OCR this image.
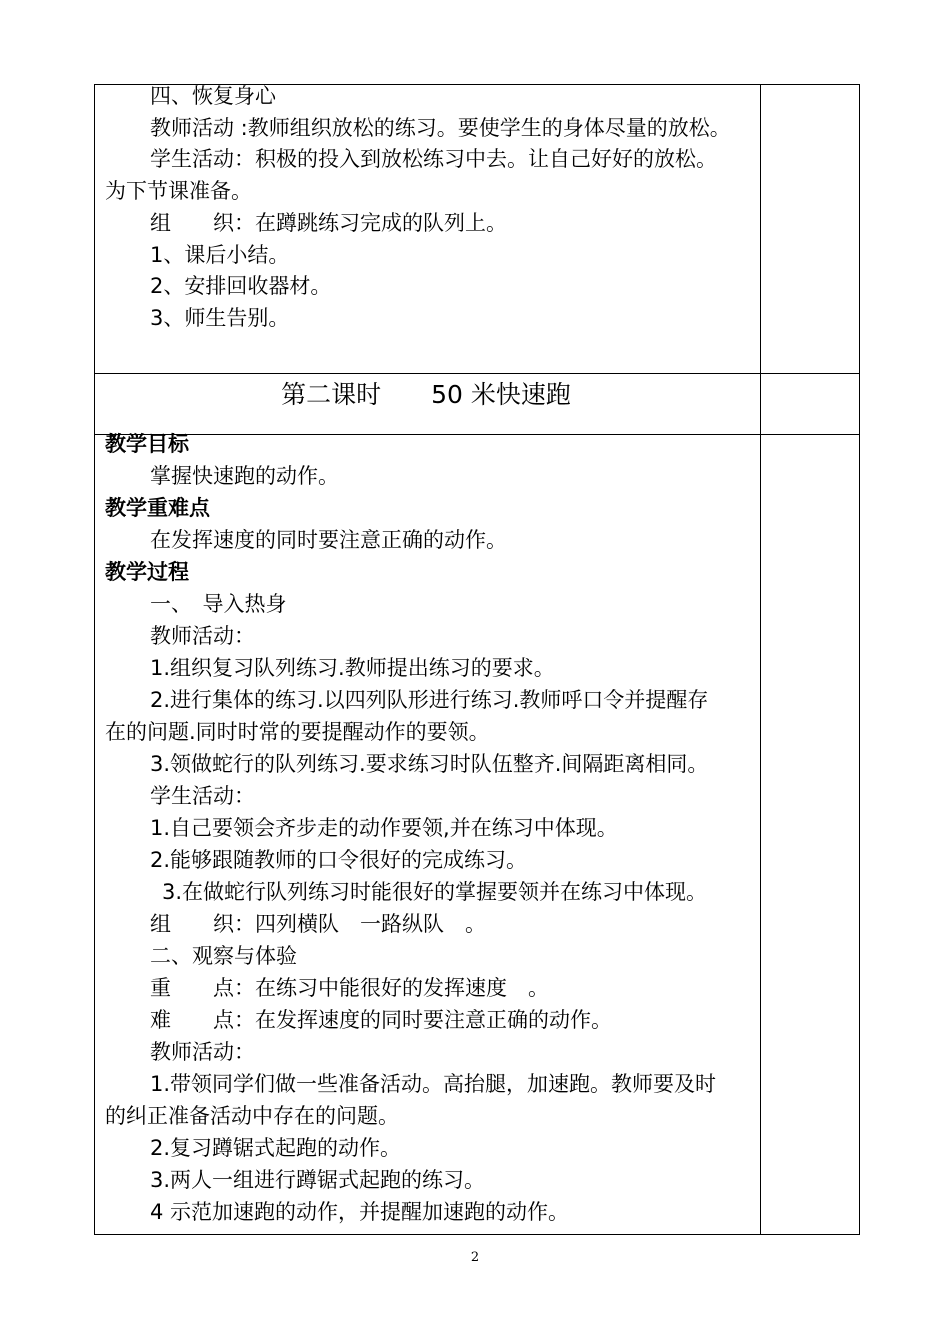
四、恢复身心
教师活动 :教师组织放松的练习。要使学生的身体尽量的放松。
学生活动：积极的投入到放松练习中去。让自己好好的放松。
为下节课准备。
组　　织：在蹲跳练习完成的队列上。
1、课后小结。
2、安排回收器材。
3、师生告别。
第二课时　　50 米快速跑
教学目标
掌握快速跑的动作。
教学重难点
在发挥速度的同时要注意正确的动作。
教学过程
一、　导入热身
教师活动：
1.组织复习队列练习.教师提出练习的要求。
2.进行集体的练习.以四列队形进行练习.教师呼口令并提醒存
在的问题.同时时常的要提醒动作的要领。
3.领做蛇行的队列练习.要求练习时队伍整齐.间隔距离相同。
学生活动：
1.自己要领会齐步走的动作要领,并在练习中体现。
2.能够跟随教师的口令很好的完成练习。
3.在做蛇行队列练习时能很好的掌握要领并在练习中体现。
组　　织：四列横队　一路纵队　。
二、观察与体验
重　　点：在练习中能很好的发挥速度　。
难　　点：在发挥速度的同时要注意正确的动作。
教师活动：
1.带领同学们做一些准备活动。高抬腿，加速跑。教师要及时
的纠正准备活动中存在的问题。
2.复习蹲锯式起跑的动作。
3.两人一组进行蹲锯式起跑的练习。
4 示范加速跑的动作，并提醒加速跑的动作。
2
